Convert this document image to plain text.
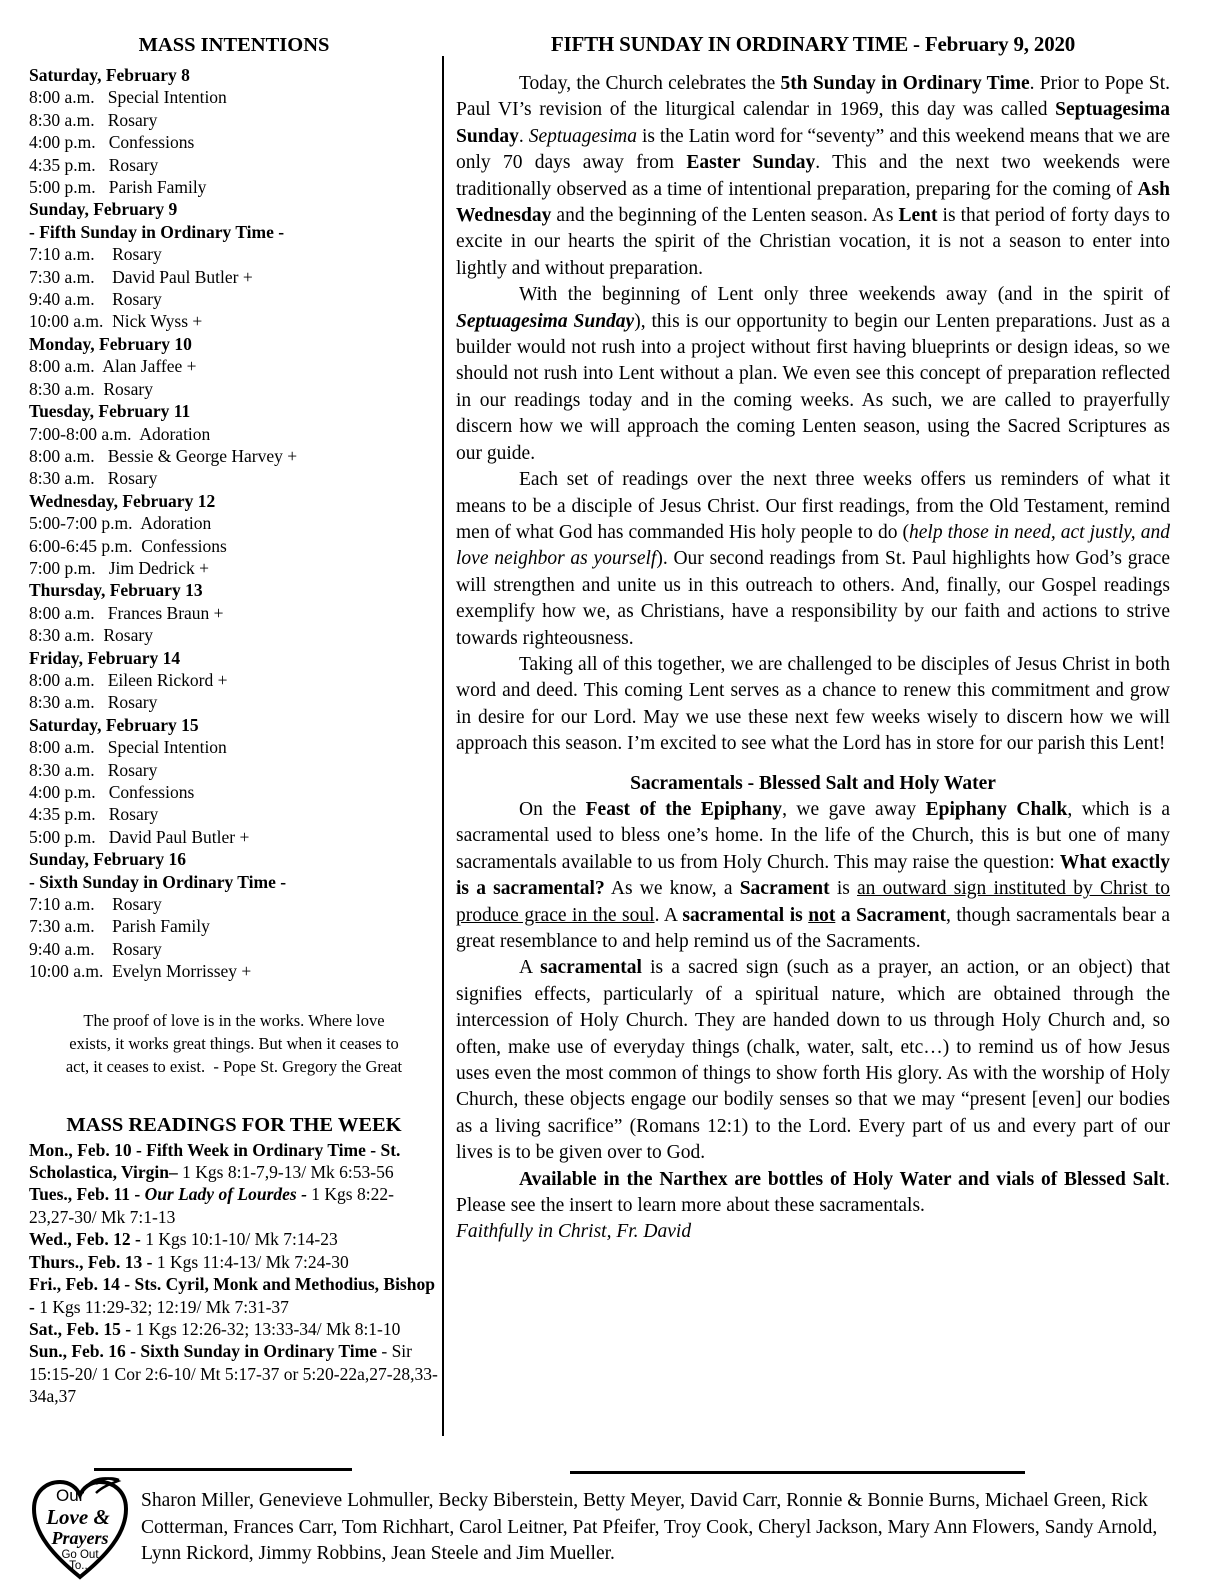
MASS INTENTIONS
Saturday, February 8
8:00 a.m.   Special Intention
8:30 a.m.   Rosary
4:00 p.m.   Confessions
4:35 p.m.   Rosary
5:00 p.m.   Parish Family
Sunday, February 9
- Fifth Sunday in Ordinary Time -
7:10 a.m.    Rosary
7:30 a.m.    David Paul Butler +
9:40 a.m.    Rosary
10:00 a.m.  Nick Wyss +
Monday, February 10
8:00 a.m.  Alan Jaffee +
8:30 a.m.  Rosary
Tuesday, February 11
7:00-8:00 a.m.  Adoration
8:00 a.m.   Bessie & George Harvey +
8:30 a.m.   Rosary
Wednesday, February 12
5:00-7:00 p.m.  Adoration
6:00-6:45 p.m.  Confessions
7:00 p.m.   Jim Dedrick +
Thursday, February 13
8:00 a.m.   Frances Braun +
8:30 a.m.  Rosary
Friday, February 14
8:00 a.m.   Eileen Rickord +
8:30 a.m.   Rosary
Saturday, February 15
8:00 a.m.   Special Intention
8:30 a.m.   Rosary
4:00 p.m.   Confessions
4:35 p.m.   Rosary
5:00 p.m.   David Paul Butler +
Sunday, February 16
- Sixth Sunday in Ordinary Time -
7:10 a.m.    Rosary
7:30 a.m.    Parish Family
9:40 a.m.    Rosary
10:00 a.m.  Evelyn Morrissey +
The proof of love is in the works. Where love
exists, it works great things. But when it ceases to
act, it ceases to exist.  - Pope St. Gregory the Great
MASS READINGS FOR THE WEEK
Mon., Feb. 10 - Fifth Week in Ordinary Time - St. Scholastica, Virgin– 1 Kgs 8:1-7,9-13/ Mk 6:53-56
Tues., Feb. 11 - Our Lady of Lourdes - 1 Kgs 8:22-23,27-30/ Mk 7:1-13
Wed., Feb. 12 - 1 Kgs 10:1-10/ Mk 7:14-23
Thurs., Feb. 13 - 1 Kgs 11:4-13/ Mk 7:24-30
Fri., Feb. 14 - Sts. Cyril, Monk and Methodius, Bishop - 1 Kgs 11:29-32; 12:19/ Mk 7:31-37
Sat., Feb. 15 - 1 Kgs 12:26-32; 13:33-34/ Mk 8:1-10
Sun., Feb. 16 - Sixth Sunday in Ordinary Time - Sir 15:15-20/ 1 Cor 2:6-10/ Mt 5:17-37 or 5:20-22a,27-28,33-34a,37
FIFTH SUNDAY IN ORDINARY TIME - February 9, 2020

Today, the Church celebrates the 5th Sunday in Ordinary Time. Prior to Pope St. Paul VI’s revision of the liturgical calendar in 1969, this day was called Septuagesima Sunday. Septuagesima is the Latin word for “seventy” and this weekend means that we are only 70 days away from Easter Sunday. This and the next two weekends were traditionally observed as a time of intentional preparation, preparing for the coming of Ash Wednesday and the beginning of the Lenten season. As Lent is that period of forty days to excite in our hearts the spirit of the Christian vocation, it is not a season to enter into lightly and without preparation.

With the beginning of Lent only three weekends away (and in the spirit of Septuagesima Sunday), this is our opportunity to begin our Lenten preparations. Just as a builder would not rush into a project without first having blueprints or design ideas, so we should not rush into Lent without a plan. We even see this concept of preparation reflected in our readings today and in the coming weeks. As such, we are called to prayerfully discern how we will approach the coming Lenten season, using the Sacred Scriptures as our guide.

Each set of readings over the next three weeks offers us reminders of what it means to be a disciple of Jesus Christ. Our first readings, from the Old Testament, remind men of what God has commanded His holy people to do (help those in need, act justly, and love neighbor as yourself). Our second readings from St. Paul highlights how God’s grace will strengthen and unite us in this outreach to others. And, finally, our Gospel readings exemplify how we, as Christians, have a responsibility by our faith and actions to strive towards righteousness.

Taking all of this together, we are challenged to be disciples of Jesus Christ in both word and deed. This coming Lent serves as a chance to renew this commitment and grow in desire for our Lord. May we use these next few weeks wisely to discern how we will approach this season. I’m excited to see what the Lord has in store for our parish this Lent!

Sacramentals - Blessed Salt and Holy Water

On the Feast of the Epiphany, we gave away Epiphany Chalk, which is a sacramental used to bless one’s home. In the life of the Church, this is but one of many sacramentals available to us from Holy Church. This may raise the question: What exactly is a sacramental? As we know, a Sacrament is an outward sign instituted by Christ to produce grace in the soul. A sacramental is not a Sacrament, though sacramentals bear a great resemblance to and help remind us of the Sacraments.

A sacramental is a sacred sign (such as a prayer, an action, or an object) that signifies effects, particularly of a spiritual nature, which are obtained through the intercession of Holy Church. They are handed down to us through Holy Church and, so often, make use of everyday things (chalk, water, salt, etc…) to remind us of how Jesus uses even the most common of things to show forth His glory. As with the worship of Holy Church, these objects engage our bodily senses so that we may “present [even] our bodies as a living sacrifice” (Romans 12:1) to the Lord. Every part of us and every part of our lives is to be given over to God.

Available in the Narthex are bottles of Holy Water and vials of Blessed Salt. Please see the insert to learn more about these sacramentals.

Faithfully in Christ, Fr. David

Our
Love &
Prayers
Go Out
To...
Sharon Miller, Genevieve Lohmuller, Becky Biberstein, Betty Meyer, David Carr, Ronnie & Bonnie Burns, Michael Green, Rick Cotterman, Frances Carr, Tom Richhart, Carol Leitner, Pat Pfeifer, Troy Cook, Cheryl Jackson, Mary Ann Flowers, Sandy Arnold, Lynn Rickord, Jimmy Robbins, Jean Steele and Jim Mueller.
